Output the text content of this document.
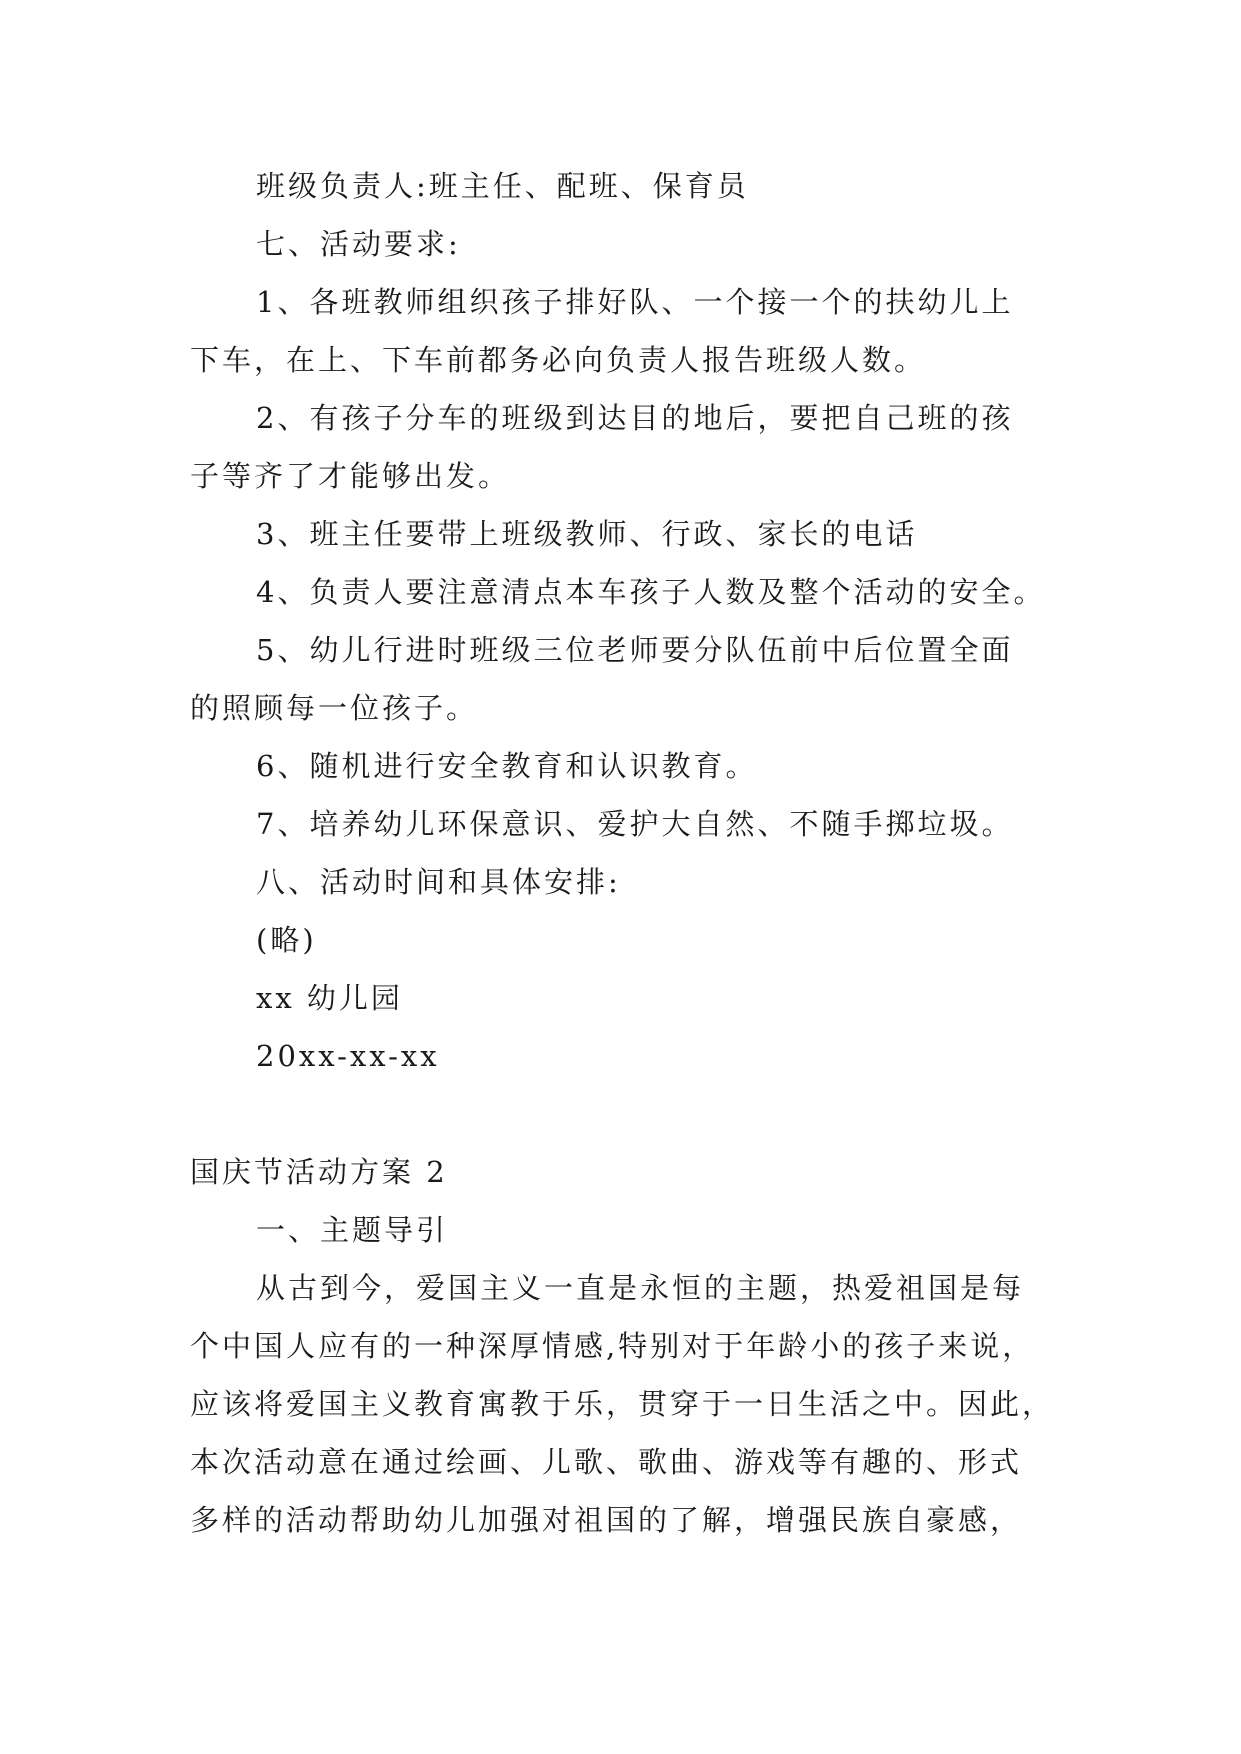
班级负责人:班主任、配班、保育员
七、活动要求:
1、各班教师组织孩子排好队、一个接一个的扶幼儿上
下车，在上、下车前都务必向负责人报告班级人数。
2、有孩子分车的班级到达目的地后，要把自己班的孩
子等齐了才能够出发。
3、班主任要带上班级教师、行政、家长的电话
4、负责人要注意清点本车孩子人数及整个活动的安全。
5、幼儿行进时班级三位老师要分队伍前中后位置全面
的照顾每一位孩子。
6、随机进行安全教育和认识教育。
7、培养幼儿环保意识、爱护大自然、不随手掷垃圾。
八、活动时间和具体安排:
(略)
xx 幼儿园
20xx-xx-xx
国庆节活动方案 2
一、主题导引
从古到今，爱国主义一直是永恒的主题，热爱祖国是每
个中国人应有的一种深厚情感,特别对于年龄小的孩子来说，
应该将爱国主义教育寓教于乐，贯穿于一日生活之中。因此，
本次活动意在通过绘画、儿歌、歌曲、游戏等有趣的、形式
多样的活动帮助幼儿加强对祖国的了解，增强民族自豪感，
